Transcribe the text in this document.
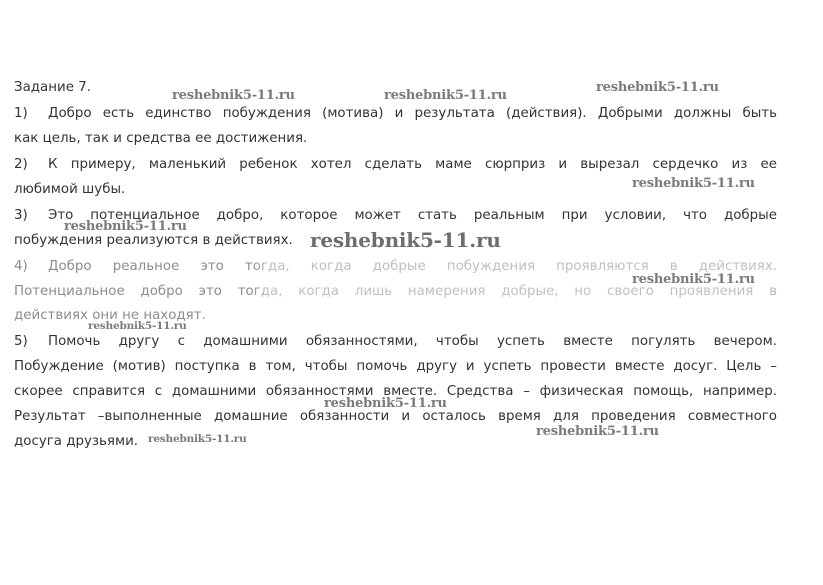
Задание 7.
1) Добро есть единство побуждения (мотива) и результата (действия). Добрыми должны быть
как цель, так и средства ее достижения.
2) К примеру, маленький ребенок хотел сделать маме сюрприз и вырезал сердечко из ее
любимой шубы.
3) Это потенциальное добро, которое может стать реальным при условии, что добрые
побуждения реализуются в действиях.
4) Добро реальное это тогда, когда добрые побуждения проявляются в действиях.
Потенциальное добро это тогда, когда лишь намерения добрые, но своего проявления в
действиях они не находят.
5) Помочь другу с домашними обязанностями, чтобы успеть вместе погулять вечером.
Побуждение (мотив) поступка в том, чтобы помочь другу и успеть провести вместе досуг. Цель –
скорее справится с домашними обязанностями вместе. Средства – физическая помощь, например.
Результат –выполненные домашние обязанности и осталось время для проведения совместного
досуга друзьями.
reshebnik5-11.ru	reshebnik5-11.ru
reshebnik5-11.ru
reshebnik5-11.ru
reshebnik5-11.ru
reshebnik5-11.ru
reshebnik5-11.ru
reshebnik5-11.ru
reshebnik5-11.ru
reshebnik5-11.ru
reshebnik5-11.ru
